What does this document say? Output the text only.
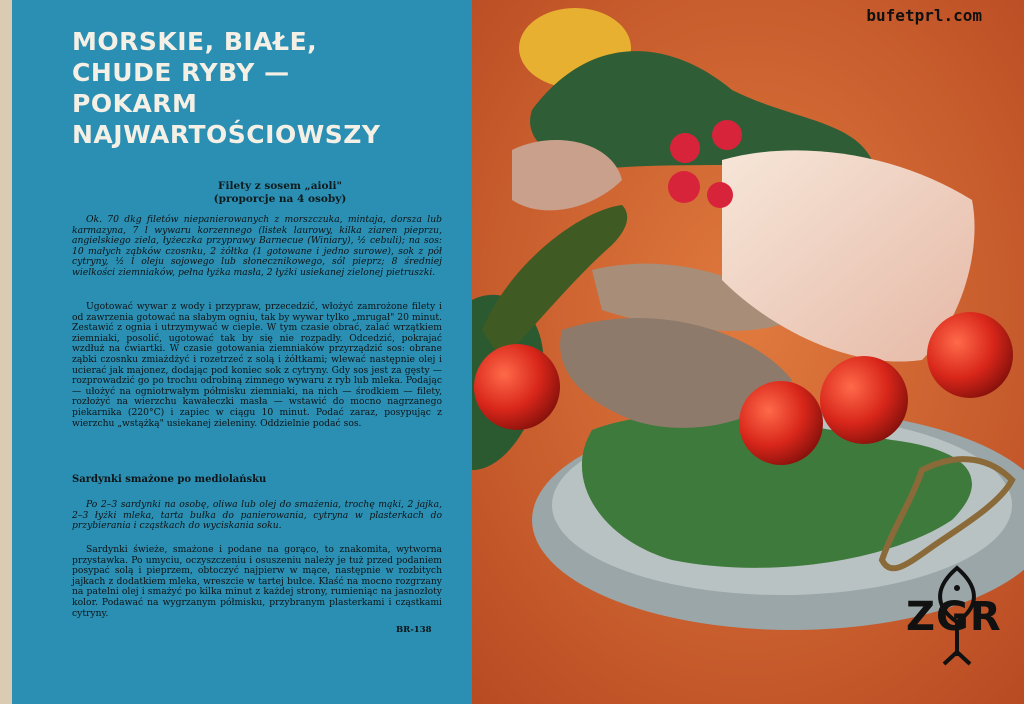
MORSKIE, BIAŁE,
CHUDE RYBY —
POKARM
NAJWARTOŚCIOWSZY
Filety z sosem „aioli"
(proporcje na 4 osoby)

Ok. 70 dkg filetów niepanierowanych z morszczuka, mintaja, dorsza lub karmazyna, 7 l wywaru korzennego (listek laurowy, kilka ziaren pieprzu, angielskiego ziela, łyżeczka przyprawy Barnecue (Winiary), ½ cebuli); na sos: 10 małych ząbków czosnku, 2 żółtka (1 gotowane i jedno surowe), sok z pół cytryny, ½ l oleju sojowego lub słonecznikowego, sól pieprz; 8 średniej wielkości ziemniaków, pełna łyżka masła, 2 łyżki usiekanej zielonej pietruszki.

Ugotować wywar z wody i przypraw, przecedzić, włożyć zamrożone filety i od zawrzenia gotować na słabym ogniu, tak by wywar tylko „mrugał" 20 minut. Zestawić z ognia i utrzymywać w cieple. W tym czasie obrać, zalać wrzątkiem ziemniaki, posolić, ugotować tak by się nie rozpadły. Odcedzić, pokrajać wzdłuż na ćwiartki. W czasie gotowania ziemniaków przyrządzić sos: obrane ząbki czosnku zmiażdżyć i rozetrzeć z solą i żółtkami; wlewać następnie olej i ucierać jak majonez, dodając pod koniec sok z cytryny. Gdy sos jest za gęsty — rozprowadzić go po trochu odrobiną zimnego wywaru z ryb lub mleka. Podając — ułożyć na ogniotrwałym półmisku ziemniaki, na nich — środkiem — filety, rozłożyć na wierzchu kawałeczki masła — wstawić do mocno nagrzanego piekarnika (220°C) i zapiec w ciągu 10 minut. Podać zaraz, posypując z wierzchu „wstążką" usiekanej zieleniny. Oddzielnie podać sos.

Sardynki smażone po mediolańsku

Po 2–3 sardynki na osobę, oliwa lub olej do smażenia, trochę mąki, 2 jajka, 2–3 łyżki mleka, tarta bułka do panierowania, cytryna w plasterkach do przybierania i cząstkach do wyciskania soku.

Sardynki świeże, smażone i podane na gorąco, to znakomita, wytworna przystawka. Po umyciu, oczyszczeniu i osuszeniu należy je tuż przed podaniem posypać solą i pieprzem, obtoczyć najpierw w mące, następnie w rozbitych jajkach z dodatkiem mleka, wreszcie w tartej bułce. Kłaść na mocno rozgrzany na patelni olej i smażyć po kilka minut z każdej strony, rumieniąc na jasnozłoty kolor. Podawać na wygrzanym półmisku, przybranym plasterkami i cząstkami cytryny.

BR-138
bufetprl.com
ZGR
